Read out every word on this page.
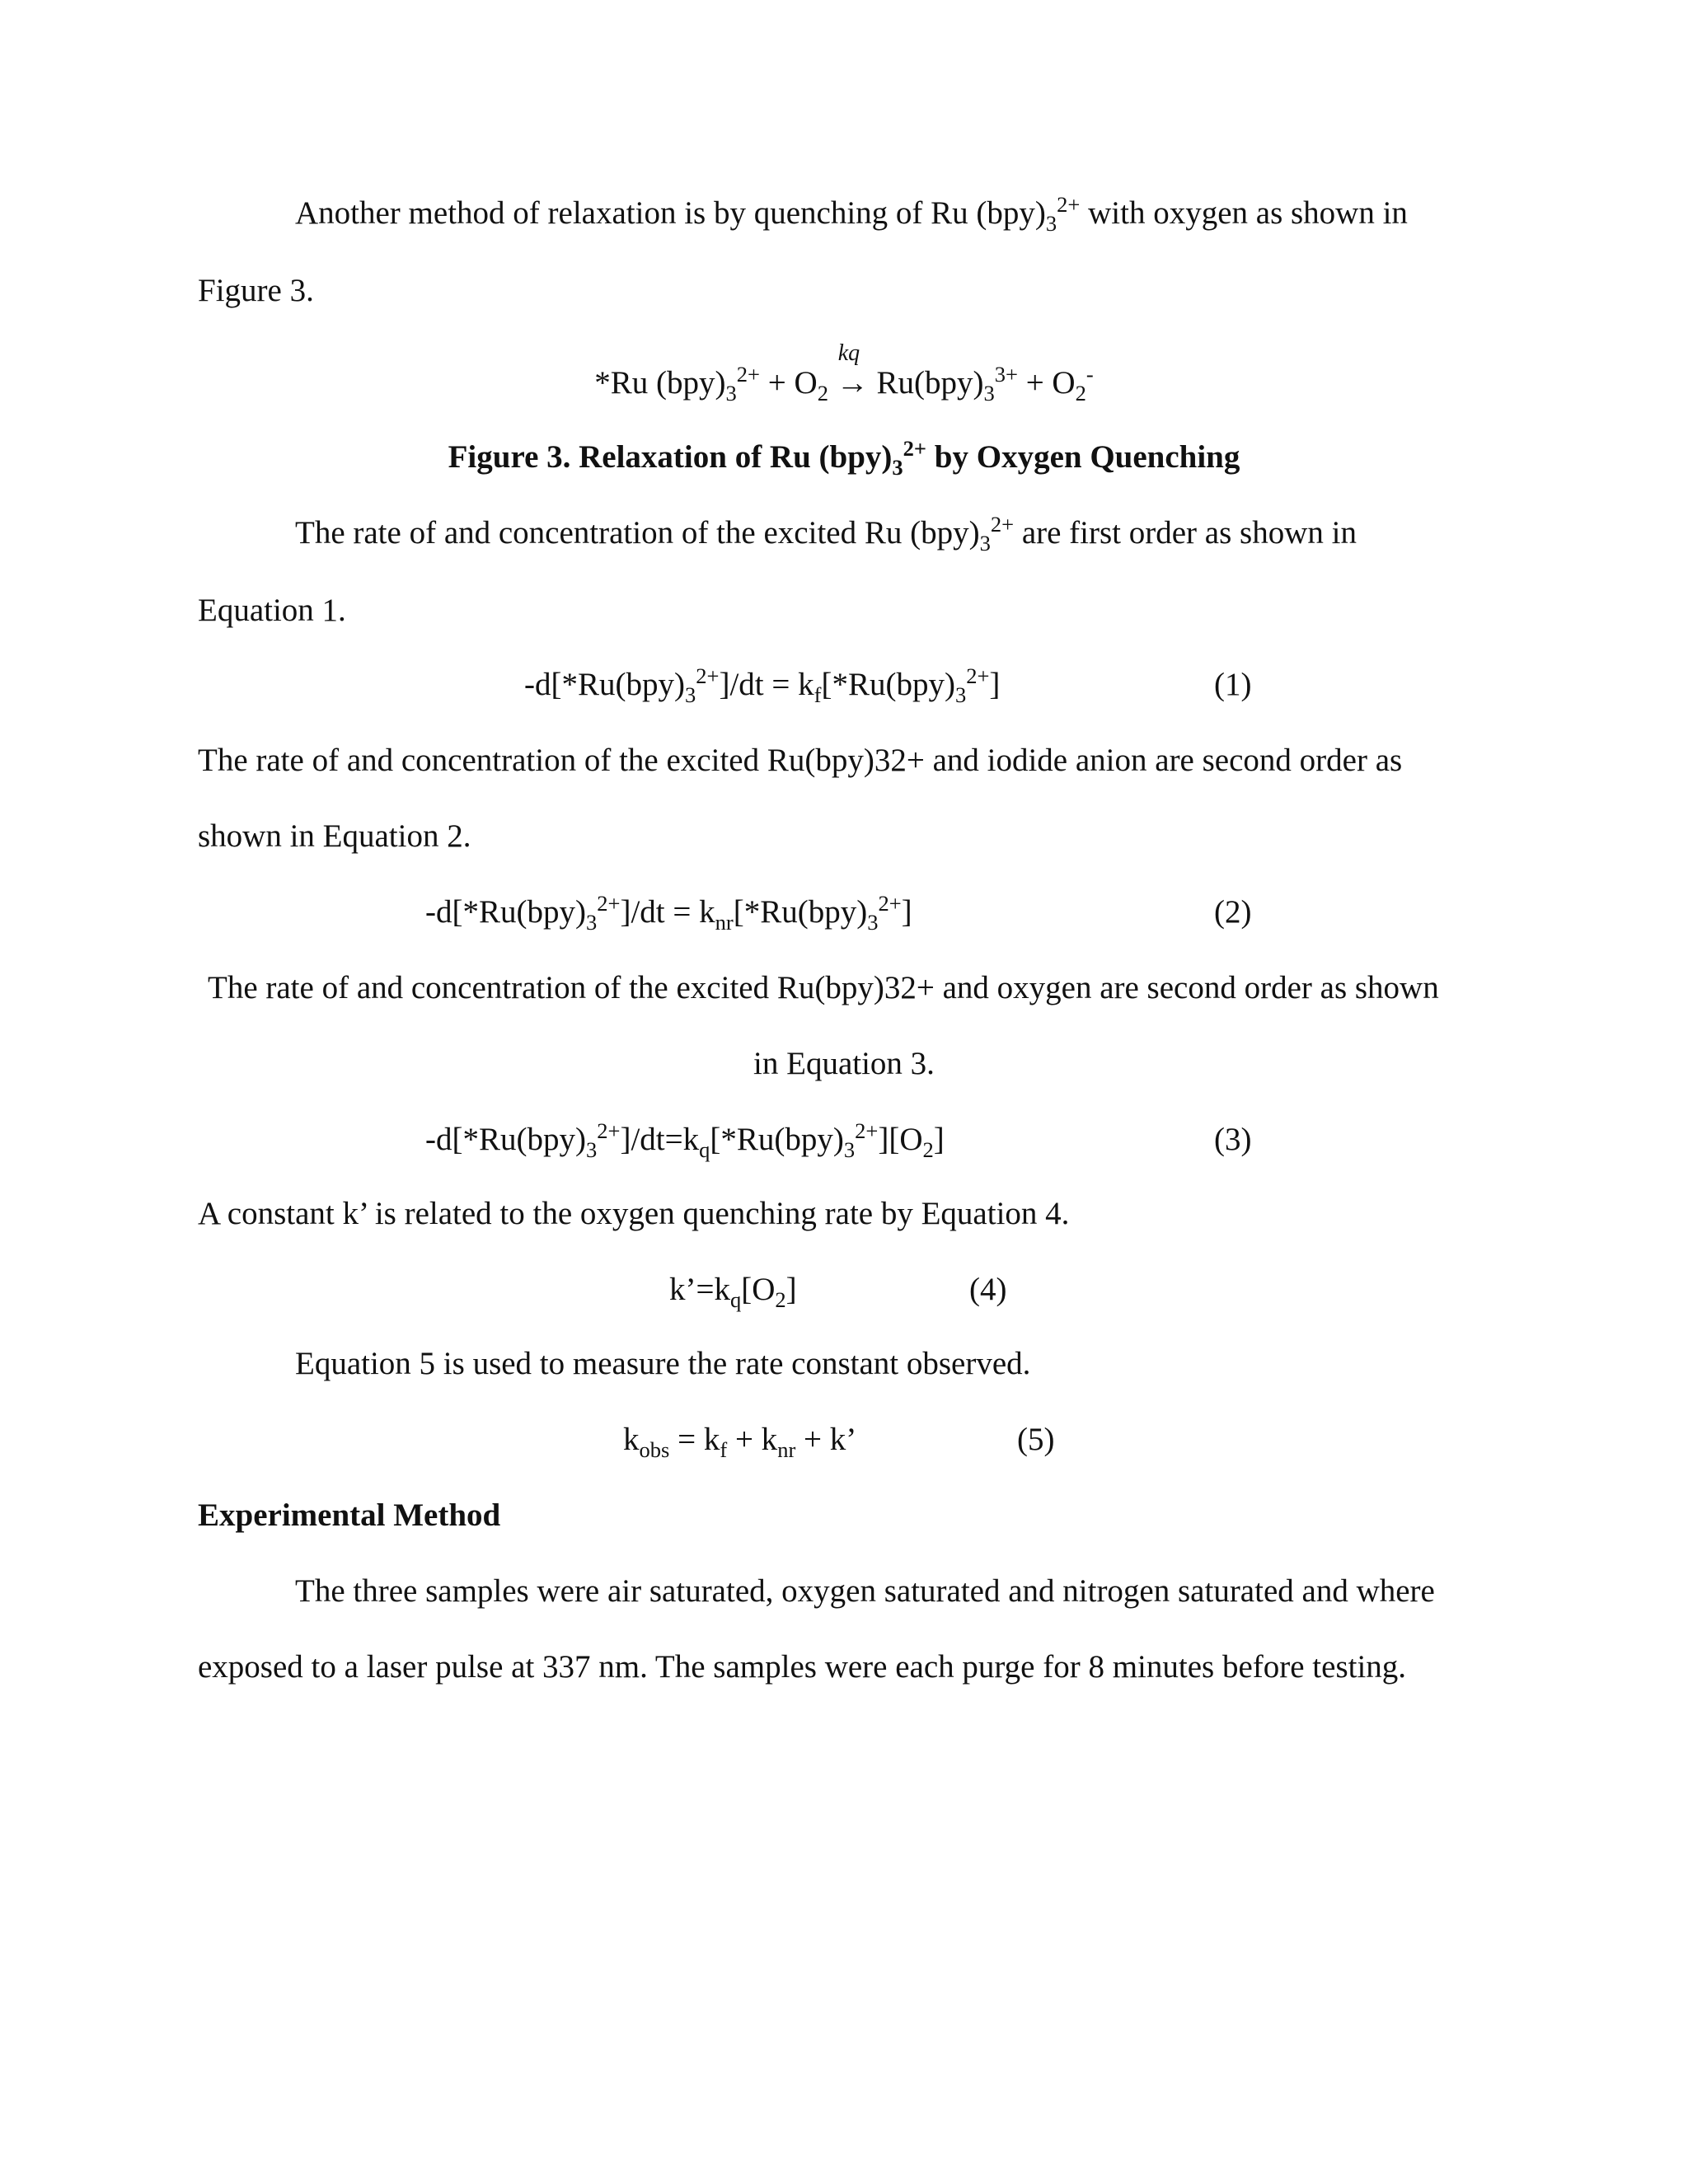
Another method of relaxation is by quenching of Ru $(bpy)_3^{2+}$ with oxygen as shown in
Figure 3.
*Ru $(bpy)_3^{2+} + O_2$
kq
→ $Ru(bpy)_3^{3+} + O_2^-$
Figure 3. Relaxation of Ru $(bpy)_3^{2+}$ by Oxygen Quenching
The rate of and concentration of the excited Ru $(bpy)_3^{2+}$ are first order as shown in
Equation 1.
$-d[*Ru(bpy)_3^{2+}]/dt = k_f[*Ru(bpy)_3^{2+}]$	(1)
The rate of and concentration of the excited Ru(bpy)32+ and iodide anion are second order as
shown in Equation 2.
$-d[*Ru(bpy)_3^{2+}]/dt = k_{nr}[*Ru(bpy)_3^{2+}]$	(2)
The rate of and concentration of the excited Ru(bpy)32+ and oxygen are second order as shown
in Equation 3.
$-d[*Ru(bpy)_3^{2+}]/dt=k_q[*Ru(bpy)_3^{2+}][O_2]$	(3)
A constant k’ is related to the oxygen quenching rate by Equation 4.
$k’=k_q[O_2]$	(4)
Equation 5 is used to measure the rate constant observed.
$k_{obs} = k_f + k_{nr} + k$’	(5)
Experimental Method
The three samples were air saturated, oxygen saturated and nitrogen saturated and where
exposed to a laser pulse at 337 nm. The samples were each purge for 8 minutes before testing.
